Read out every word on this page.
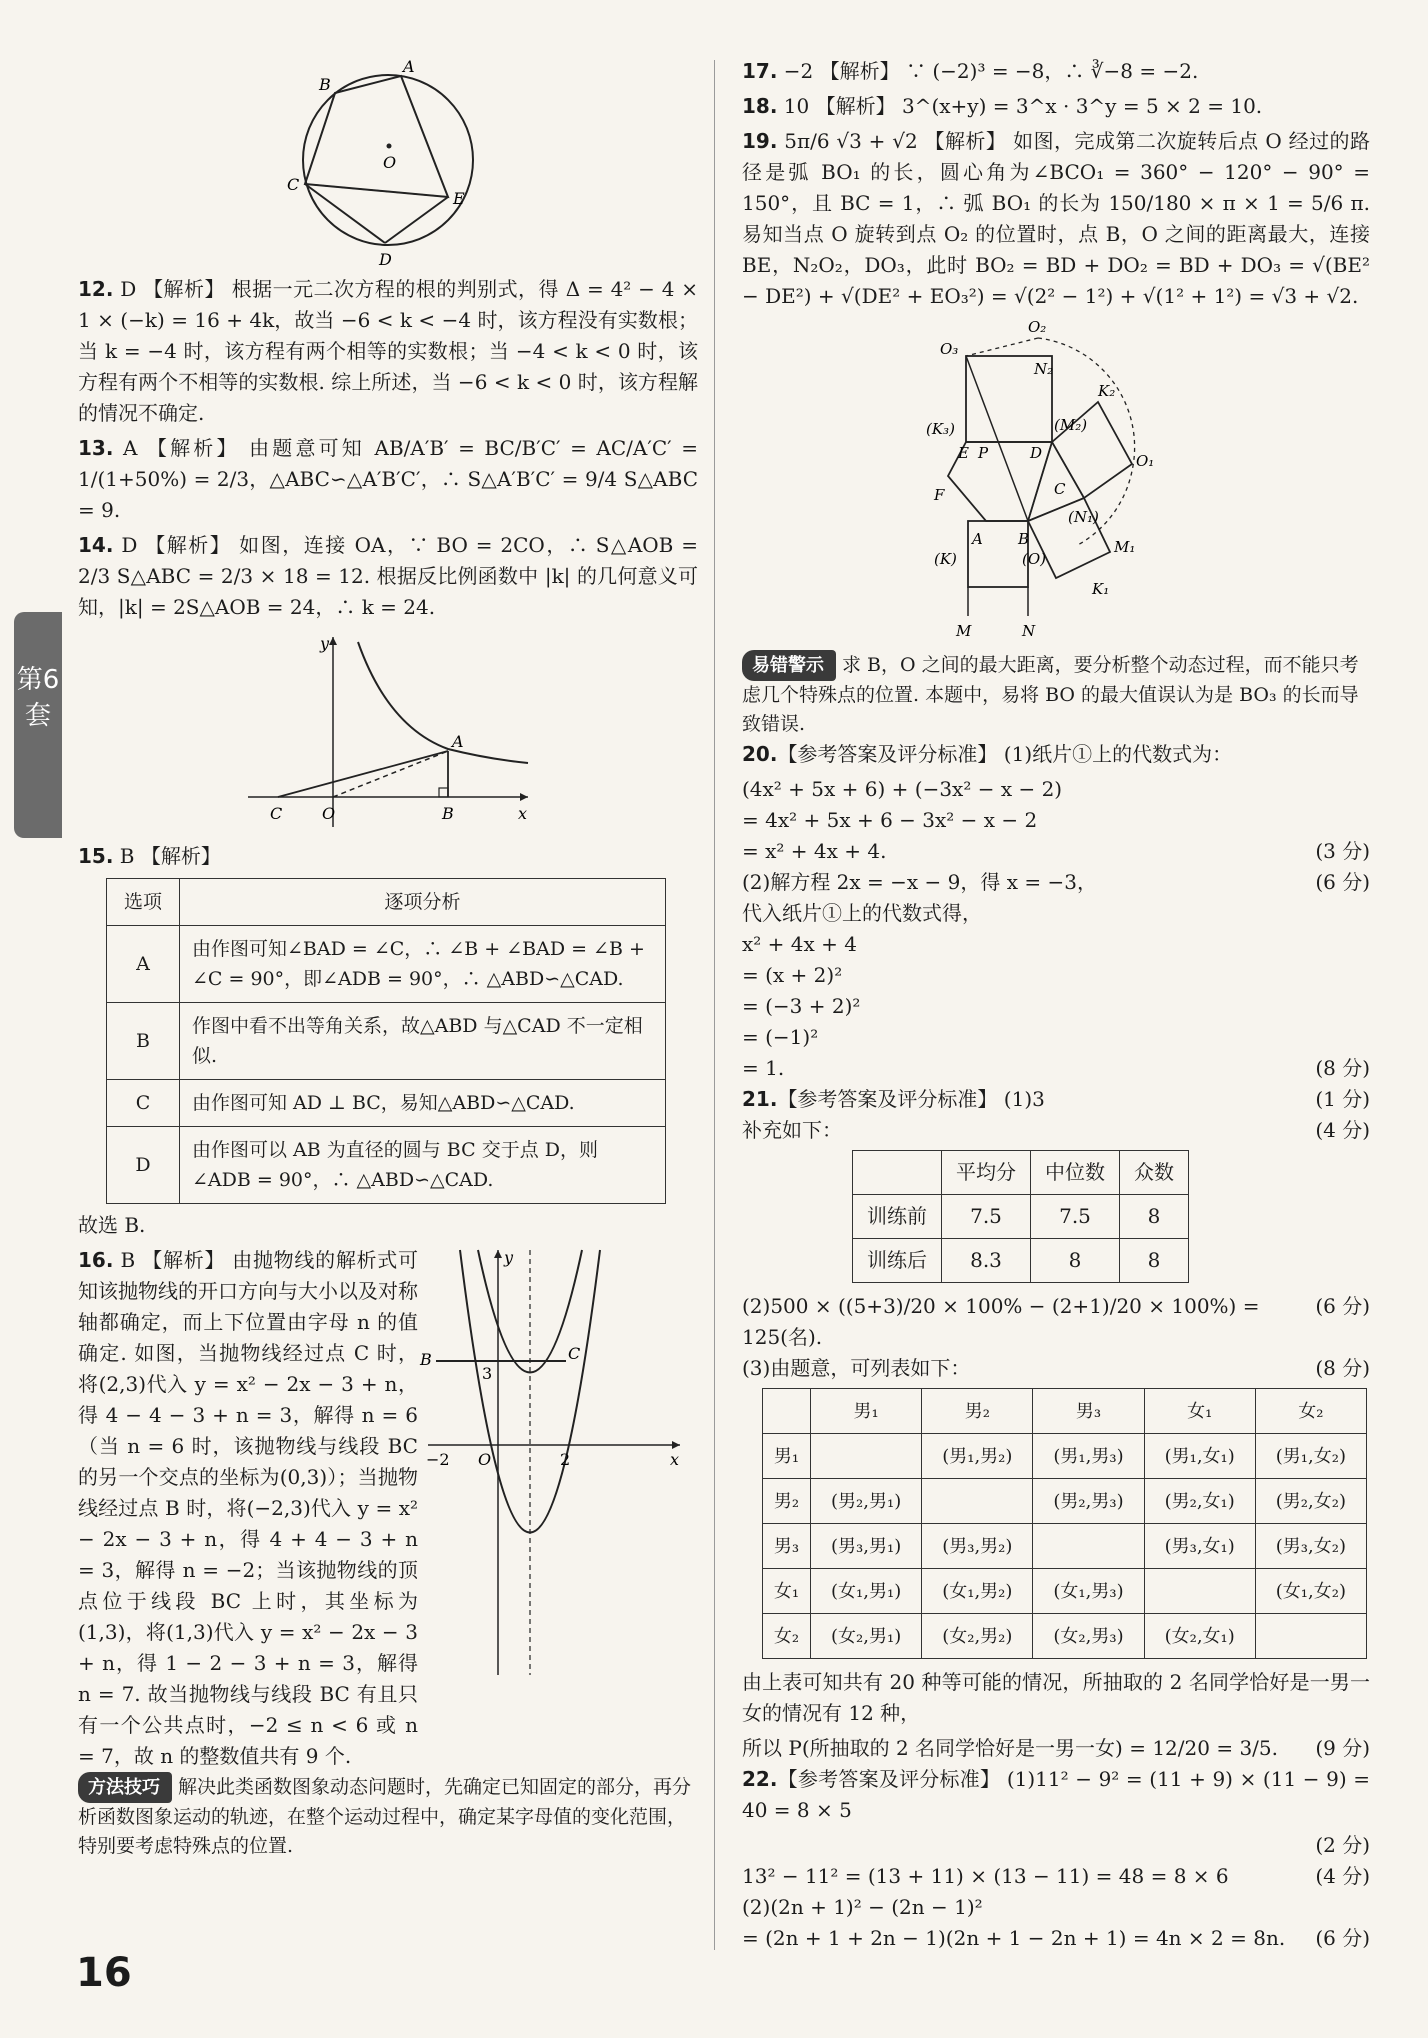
第6套
A
B
C
D
E
O

12. D 【解析】 根据一元二次方程的根的判别式，得 Δ = 4² − 4 × 1 × (−k) = 16 + 4k，故当 −6 < k < −4 时，该方程没有实数根；当 k = −4 时，该方程有两个相等的实数根；当 −4 < k < 0 时，该方程有两个不相等的实数根. 综上所述，当 −6 < k < 0 时，该方程解的情况不确定.

13. A 【解析】 由题意可知 AB/A′B′ = BC/B′C′ = AC/A′C′ = 1/(1+50%) = 2/3，△ABC∽△A′B′C′，∴ S△A′B′C′ = 9/4 S△ABC = 9.

14. D 【解析】 如图，连接 OA，∵ BO = 2CO，∴ S△AOB = 2/3 S△ABC = 2/3 × 18 = 12. 根据反比例函数中 |k| 的几何意义可知，|k| = 2S△AOB = 24，∴ k = 24.

y
A
C O	B	x

15. B 【解析】

选项	逐项分析
A	由作图可知∠BAD = ∠C，∴ ∠B + ∠BAD = ∠B + ∠C = 90°，即∠ADB = 90°，∴ △ABD∽△CAD.
B	作图中看不出等角关系，故△ABD 与△CAD 不一定相似.
C	由作图可知 AD ⊥ BC，易知△ABD∽△CAD.
D	由作图可以 AB 为直径的圆与 BC 交于点 D，则∠ADB = 90°，∴ △ABD∽△CAD.

故选 B.

16. B 【解析】 由抛物线的解析式可知该抛物线的开口方向与大小以及对称轴都确定，而上下位置由字母 n 的值确定. 如图，当抛物线经过点 C 时，将(2,3)代入 y = x² − 2x − 3 + n，得 4 − 4 − 3 + n = 3，解得 n = 6（当 n = 6 时，该抛物线与线段 BC 的另一个交点的坐标为(0,3)）；当抛物线经过点 B 时，将(−2,3)代入 y = x² − 2x − 3 + n，得 4 + 4 − 3 + n = 3，解得 n = −2；当该抛物线的顶点位于线段 BC 上时，其坐标为(1,3)，将(1,3)代入 y = x² − 2x − 3 + n，得 1 − 2 − 3 + n = 3，解得 n = 7. 故当抛物线与线段 BC 有且只有一个公共点时，−2 ≤ n < 6 或 n = 7，故 n 的整数值共有 9 个.

y
B
3
C
−2 O	2	x

方法技巧 解决此类函数图象动态问题时，先确定已知固定的部分，再分析函数图象运动的轨迹，在整个运动过程中，确定某字母值的变化范围，特别要考虑特殊点的位置.

17. −2 【解析】 ∵ (−2)³ = −8，∴ ∛−8 = −2.

18. 10 【解析】 3^(x+y) = 3^x · 3^y = 5 × 2 = 10.

19. 5π/6 √3 + √2 【解析】 如图，完成第二次旋转后点 O 经过的路径是弧 BO₁ 的长，圆心角为∠BCO₁ = 360° − 120° − 90° = 150°，且 BC = 1，∴ 弧 BO₁ 的长为 150/180 × π × 1 = 5/6 π. 易知当点 O 旋转到点 O₂ 的位置时，点 B，O 之间的距离最大，连接 BE，N₂O₂，DO₃，此时 BO₂ = BD + DO₂ = BD + DO₃ = √(BE² − DE²) + √(DE² + EO₃²) = √(2² − 1²) + √(1² + 1²) = √3 + √2.

O₂
O₃
N₂
K₂
(K₃)
E P	D
(M₂)
O₁
F	C
(N₁)
M₁
A B
(K)	(O)
K₁
M	N

易错警示 求 B，O 之间的最大距离，要分析整个动态过程，而不能只考虑几个特殊点的位置. 本题中，易将 BO 的最大值误认为是 BO₃ 的长而导致错误.

20.【参考答案及评分标准】 (1)纸片①上的代数式为：

(4x² + 5x + 6) + (−3x² − x − 2)
= 4x² + 5x + 6 − 3x² − x − 2
= x² + 4x + 4.	(3 分)
(2)解方程 2x = −x − 9，得 x = −3，	(6 分)
代入纸片①上的代数式得，
x² + 4x + 4
= (x + 2)²
= (−3 + 2)²
= (−1)²
= 1.	(8 分)
21.【参考答案及评分标准】 (1)3	(1 分)
补充如下：	(4 分)
	平均分	中位数	众数
训练前	7.5	7.5	8
训练后	8.3	8	8
(2)500 × ((5+3)/20 × 100% − (2+1)/20 × 100%) = 125(名).
(6 分)
(3)由题意，可列表如下：	(8 分)
	男₁	男₂	男₃	女₁	女₂
男₁		(男₁,男₂)	(男₁,男₃)	(男₁,女₁)	(男₁,女₂)
男₂	(男₂,男₁)		(男₂,男₃)	(男₂,女₁)	(男₂,女₂)
男₃	(男₃,男₁)	(男₃,男₂)		(男₃,女₁)	(男₃,女₂)
女₁	(女₁,男₁)	(女₁,男₂)	(女₁,男₃)		(女₁,女₂)
女₂	(女₂,男₁)	(女₂,男₂)	(女₂,男₃)	(女₂,女₁)	

由上表可知共有 20 种等可能的情况，所抽取的 2 名同学恰好是一男一女的情况有 12 种，

所以 P(所抽取的 2 名同学恰好是一男一女) = 12/20 = 3/5. (9 分)

22.【参考答案及评分标准】 (1)11² − 9² = (11 + 9) × (11 − 9) = 40 = 8 × 5

(2 分)
13² − 11² = (13 + 11) × (13 − 11) = 48 = 8 × 6	(4 分)
(2)(2n + 1)² − (2n − 1)²
= (2n + 1 + 2n − 1)(2n + 1 − 2n + 1) = 4n × 2 = 8n. (6 分)
16
